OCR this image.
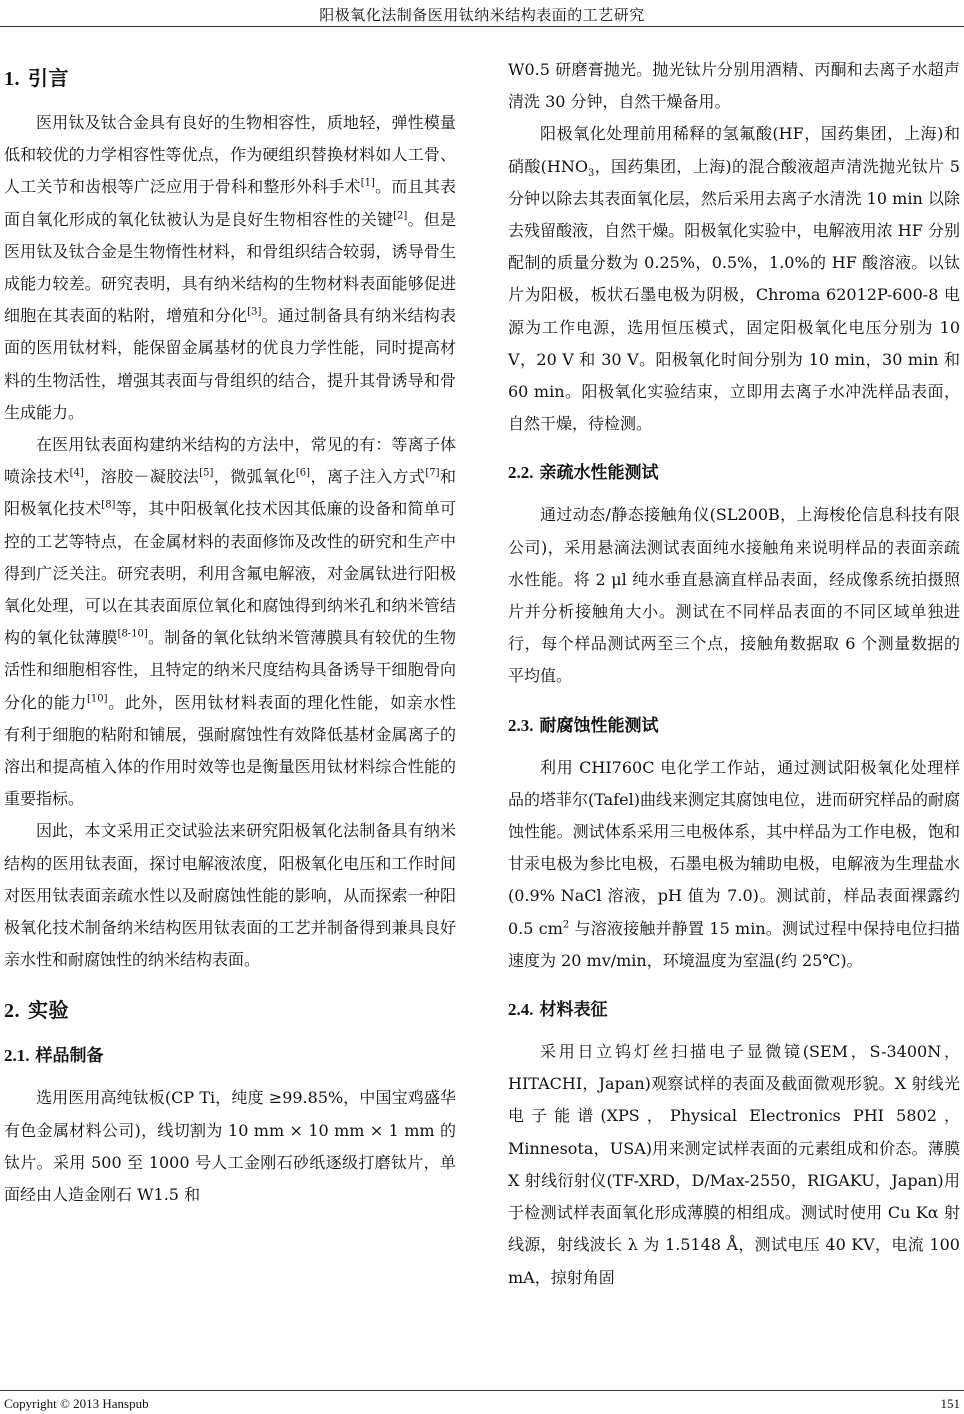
阳极氧化法制备医用钛纳米结构表面的工艺研究
1. 引言

医用钛及钛合金具有良好的生物相容性，质地轻，弹性模量低和较优的力学相容性等优点，作为硬组织替换材料如人工骨、人工关节和齿根等广泛应用于骨科和整形外科手术[1]。而且其表面自氧化形成的氧化钛被认为是良好生物相容性的关键[2]。但是医用钛及钛合金是生物惰性材料，和骨组织结合较弱，诱导骨生成能力较差。研究表明，具有纳米结构的生物材料表面能够促进细胞在其表面的粘附，增殖和分化[3]。通过制备具有纳米结构表面的医用钛材料，能保留金属基材的优良力学性能，同时提高材料的生物活性，增强其表面与骨组织的结合，提升其骨诱导和骨生成能力。

在医用钛表面构建纳米结构的方法中，常见的有：等离子体喷涂技术[4]，溶胶－凝胶法[5]，微弧氧化[6]，离子注入方式[7]和阳极氧化技术[8]等，其中阳极氧化技术因其低廉的设备和简单可控的工艺等特点，在金属材料的表面修饰及改性的研究和生产中得到广泛关注。研究表明，利用含氟电解液，对金属钛进行阳极氧化处理，可以在其表面原位氧化和腐蚀得到纳米孔和纳米管结构的氧化钛薄膜[8-10]。制备的氧化钛纳米管薄膜具有较优的生物活性和细胞相容性，且特定的纳米尺度结构具备诱导干细胞骨向分化的能力[10]。此外，医用钛材料表面的理化性能，如亲水性有利于细胞的粘附和铺展，强耐腐蚀性有效降低基材金属离子的溶出和提高植入体的作用时效等也是衡量医用钛材料综合性能的重要指标。

因此，本文采用正交试验法来研究阳极氧化法制备具有纳米结构的医用钛表面，探讨电解液浓度，阳极氧化电压和工作时间对医用钛表面亲疏水性以及耐腐蚀性能的影响，从而探索一种阳极氧化技术制备纳米结构医用钛表面的工艺并制备得到兼具良好亲水性和耐腐蚀性的纳米结构表面。

2. 实验
2.1. 样品制备

选用医用高纯钛板(CP Ti，纯度 ≥99.85%，中国宝鸡盛华有色金属材料公司)，线切割为 10 mm × 10 mm × 1 mm 的钛片。采用 500 至 1000 号人工金刚石砂纸逐级打磨钛片，单面经由人造金刚石 W1.5 和

W0.5 研磨膏抛光。抛光钛片分别用酒精、丙酮和去离子水超声清洗 30 分钟，自然干燥备用。

阳极氧化处理前用稀释的氢氟酸(HF，国药集团，上海)和硝酸($HNO_3$，国药集团，上海)的混合酸液超声清洗抛光钛片 5 分钟以除去其表面氧化层，然后采用去离子水清洗 10 min 以除去残留酸液，自然干燥。阳极氧化实验中，电解液用浓 HF 分别配制的质量分数为 0.25%，0.5%，1.0%的 HF 酸溶液。以钛片为阳极，板状石墨电极为阴极，Chroma 62012P-600-8 电源为工作电源，选用恒压模式，固定阳极氧化电压分别为 10 V，20 V 和 30 V。阳极氧化时间分别为 10 min，30 min 和 60 min。阳极氧化实验结束，立即用去离子水冲洗样品表面，自然干燥，待检测。

2.2. 亲疏水性能测试

通过动态/静态接触角仪(SL200B，上海梭伦信息科技有限公司)，采用悬滴法测试表面纯水接触角来说明样品的表面亲疏水性能。将 2 μl 纯水垂直悬滴直样品表面，经成像系统拍摄照片并分析接触角大小。测试在不同样品表面的不同区域单独进行，每个样品测试两至三个点，接触角数据取 6 个测量数据的平均值。

2.3. 耐腐蚀性能测试

利用 CHI760C 电化学工作站，通过测试阳极氧化处理样品的塔菲尔(Tafel)曲线来测定其腐蚀电位，进而研究样品的耐腐蚀性能。测试体系采用三电极体系，其中样品为工作电极，饱和甘汞电极为参比电极，石墨电极为辅助电极，电解液为生理盐水(0.9% NaCl 溶液，pH 值为 7.0)。测试前，样品表面裸露约 0.5 $cm^2$ 与溶液接触并静置 15 min。测试过程中保持电位扫描速度为 20 mv/min，环境温度为室温(约 25℃)。

2.4. 材料表征

采用日立钨灯丝扫描电子显微镜(SEM，S-3400N，HITACHI，Japan)观察试样的表面及截面微观形貌。X 射线光电子能谱(XPS，Physical Electronics PHI 5802，Minnesota，USA)用来测定试样表面的元素组成和价态。薄膜 X 射线衍射仪(TF-XRD，D/Max-2550，RIGAKU，Japan)用于检测试样表面氧化形成薄膜的相组成。测试时使用 Cu Kα 射线源，射线波长 λ 为 1.5148 Å，测试电压 40 KV，电流 100 mA，掠射角固

Copyright © 2013 Hanspub	151
